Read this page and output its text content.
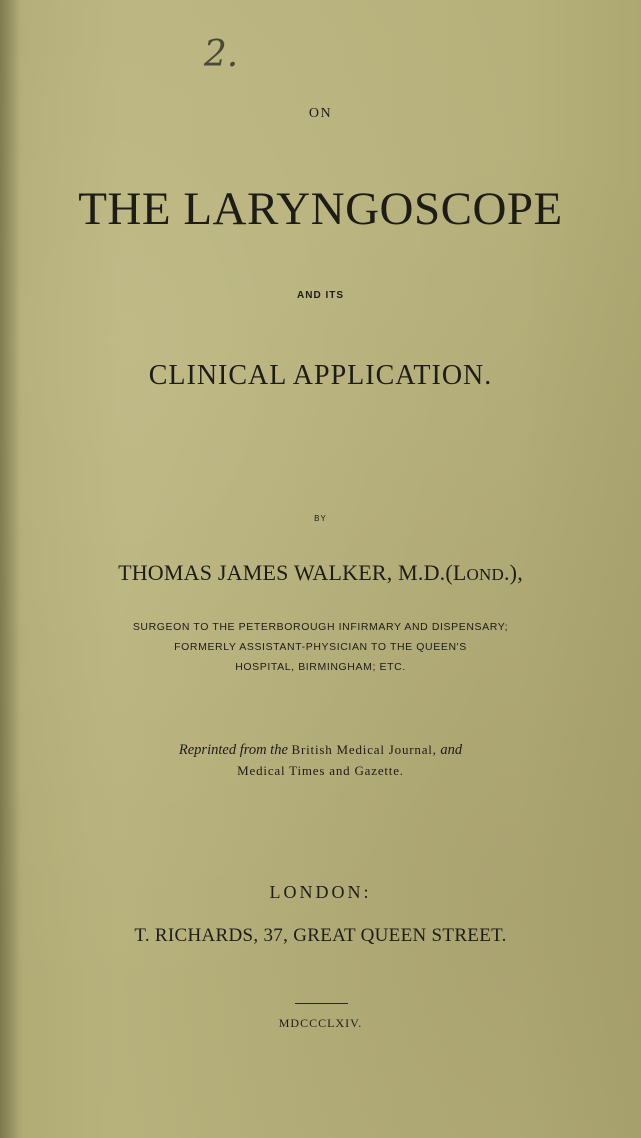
2.
ON
THE LARYNGOSCOPE
AND ITS
CLINICAL APPLICATION.
BY
THOMAS JAMES WALKER, M.D.(LOND.),
SURGEON TO THE PETERBOROUGH INFIRMARY AND DISPENSARY;
FORMERLY ASSISTANT-PHYSICIAN TO THE QUEEN'S
HOSPITAL, BIRMINGHAM; ETC.
Reprinted from the British Medical Journal, and
Medical Times and Gazette.
LONDON:
T. RICHARDS, 37, GREAT QUEEN STREET.
MDCCCLXIV.
